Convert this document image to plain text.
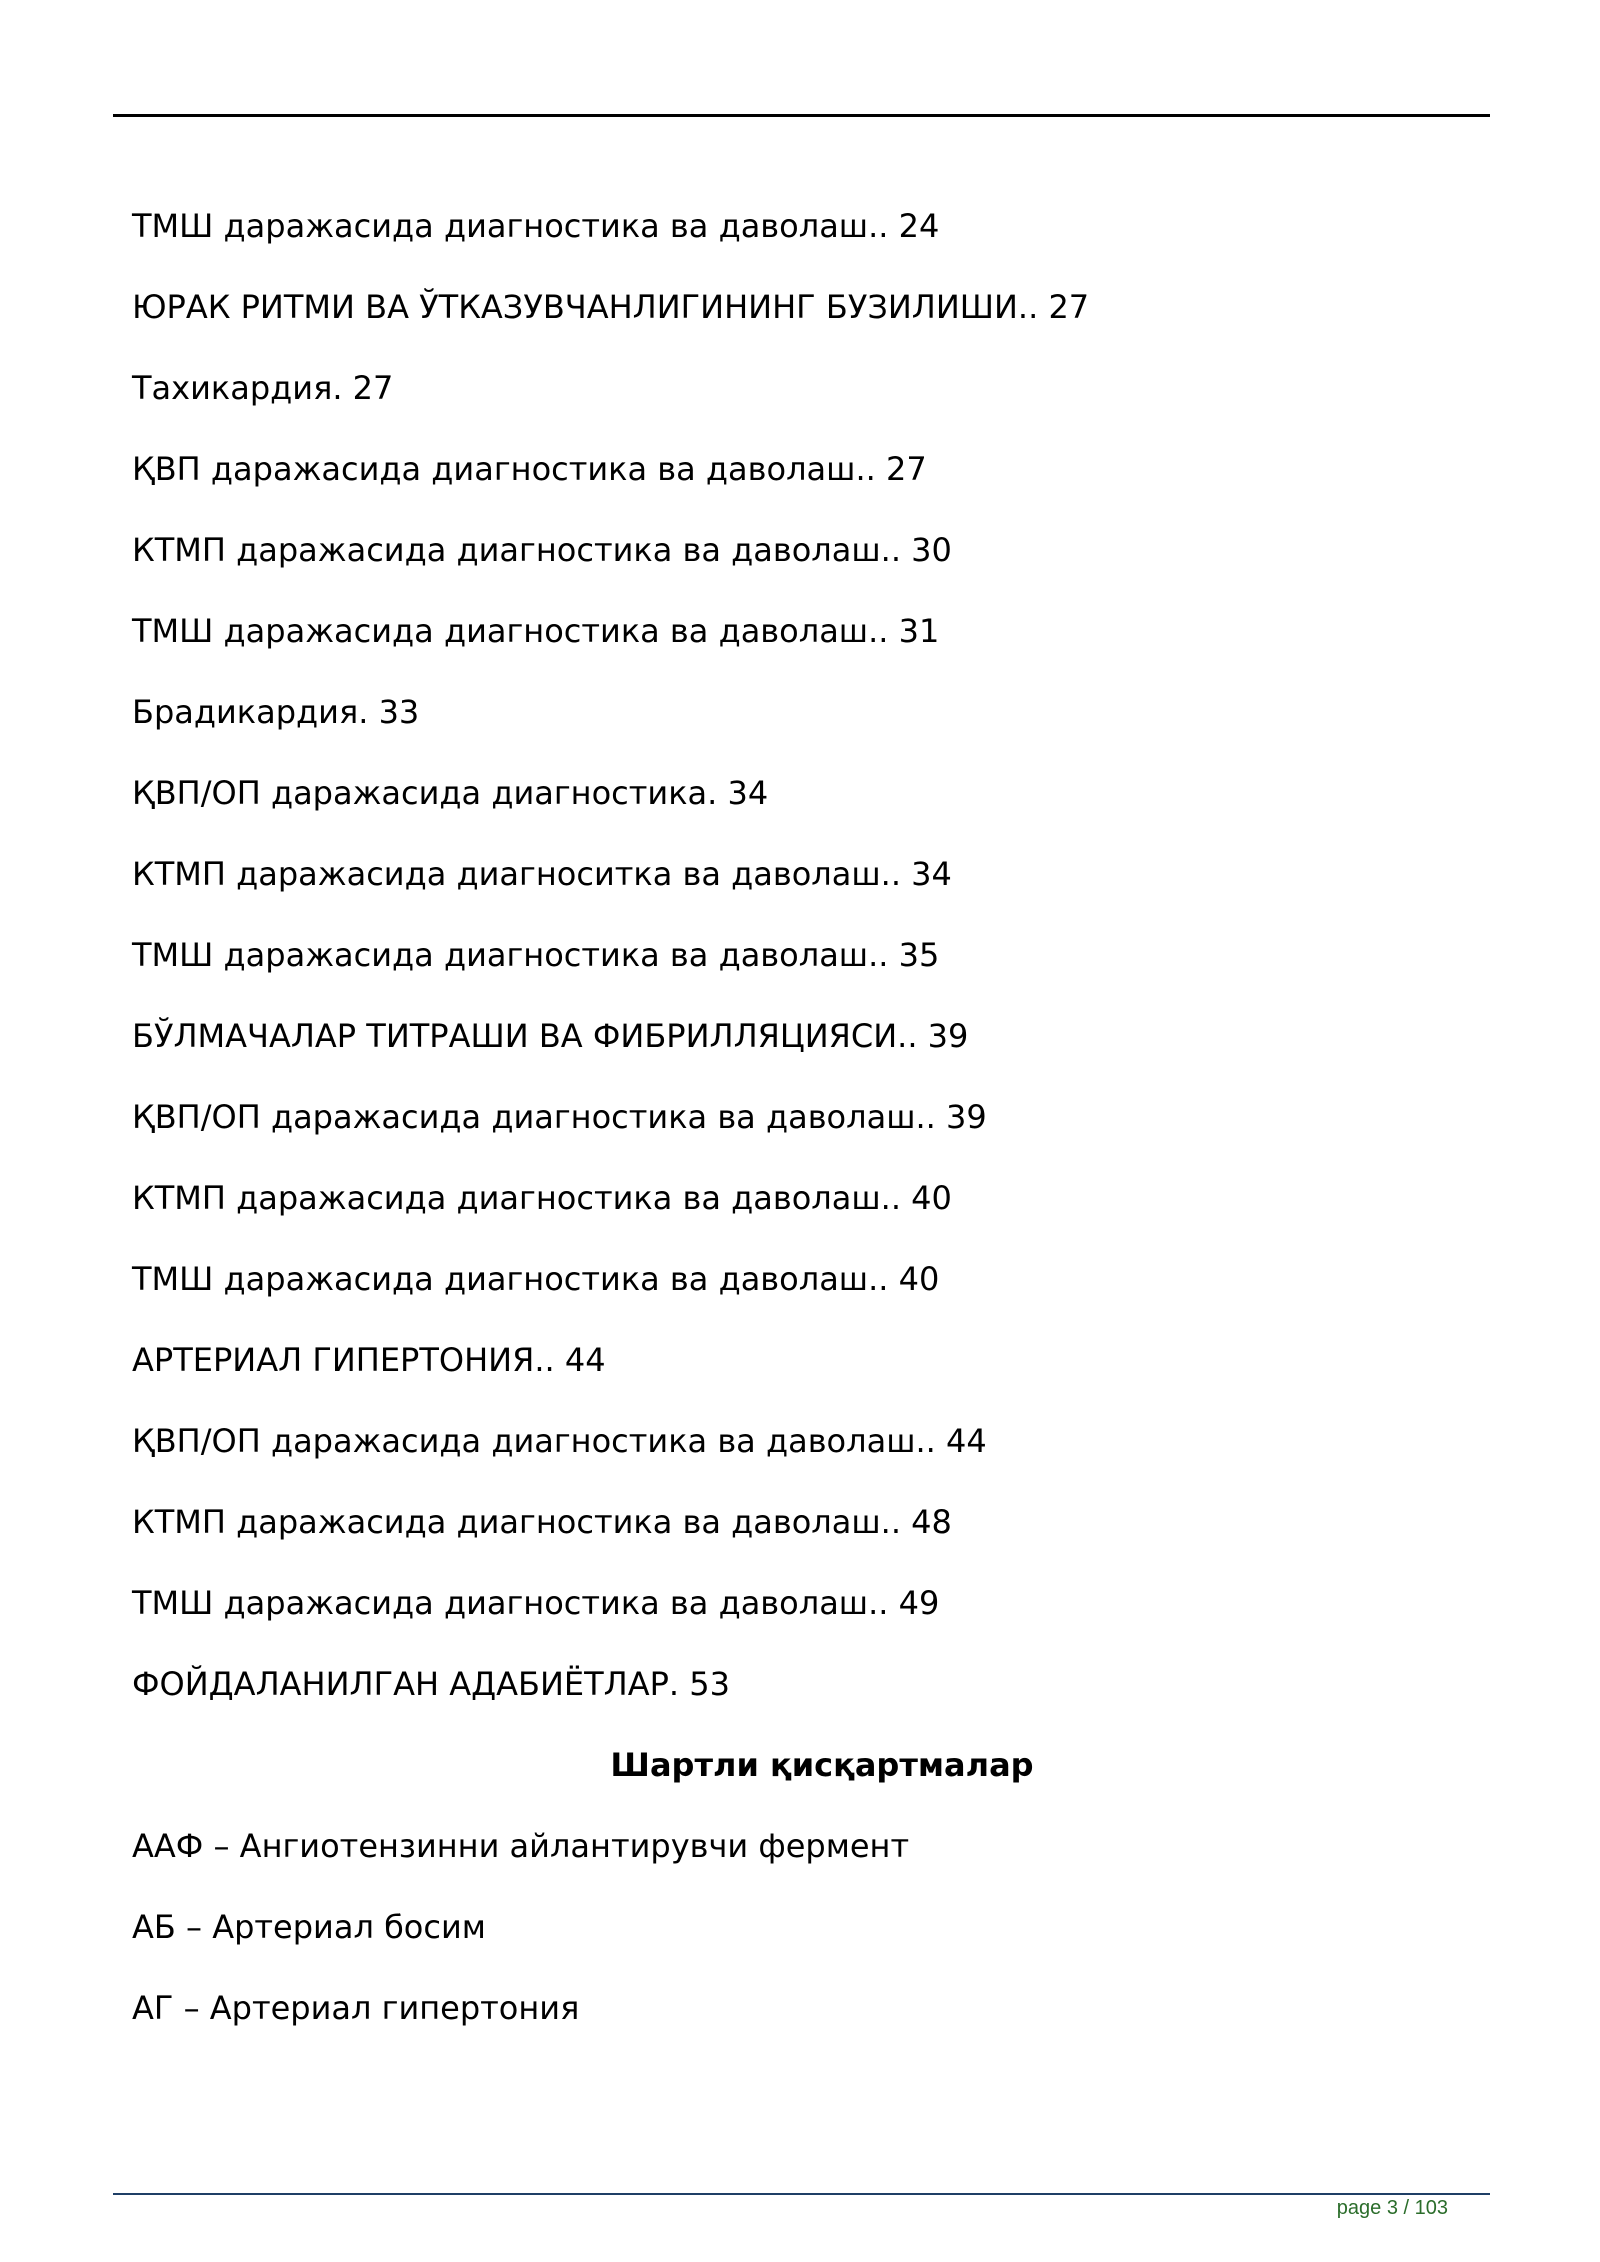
ТМШ даражасида диагностика ва даволаш.. 24
ЮРАК РИТМИ ВА ЎТКАЗУВЧАНЛИГИНИНГ БУЗИЛИШИ.. 27
Тахикардия. 27
ҚВП даражасида диагностика ва даволаш.. 27
КТМП даражасида диагностика ва даволаш.. 30
ТМШ даражасида диагностика ва даволаш.. 31
Брадикардия. 33
ҚВП/ОП даражасида диагностика. 34
КТМП даражасида диагноситка ва даволаш.. 34
ТМШ даражасида диагностика ва даволаш.. 35
БЎЛМАЧАЛАР ТИТРАШИ ВА ФИБРИЛЛЯЦИЯСИ.. 39
ҚВП/ОП даражасида диагностика ва даволаш.. 39
КТМП даражасида диагностика ва даволаш.. 40
ТМШ даражасида диагностика ва даволаш.. 40
АРТЕРИАЛ ГИПЕРТОНИЯ.. 44
ҚВП/ОП даражасида диагностика ва даволаш.. 44
КТМП даражасида диагностика ва даволаш.. 48
ТМШ даражасида диагностика ва даволаш.. 49
ФОЙДАЛАНИЛГАН АДАБИЁТЛАР. 53
Шартли қисқартмалар
ААФ – Ангиотензинни айлантирувчи фермент
АБ – Артериал босим
АГ – Артериал гипертония
page 3 / 103
